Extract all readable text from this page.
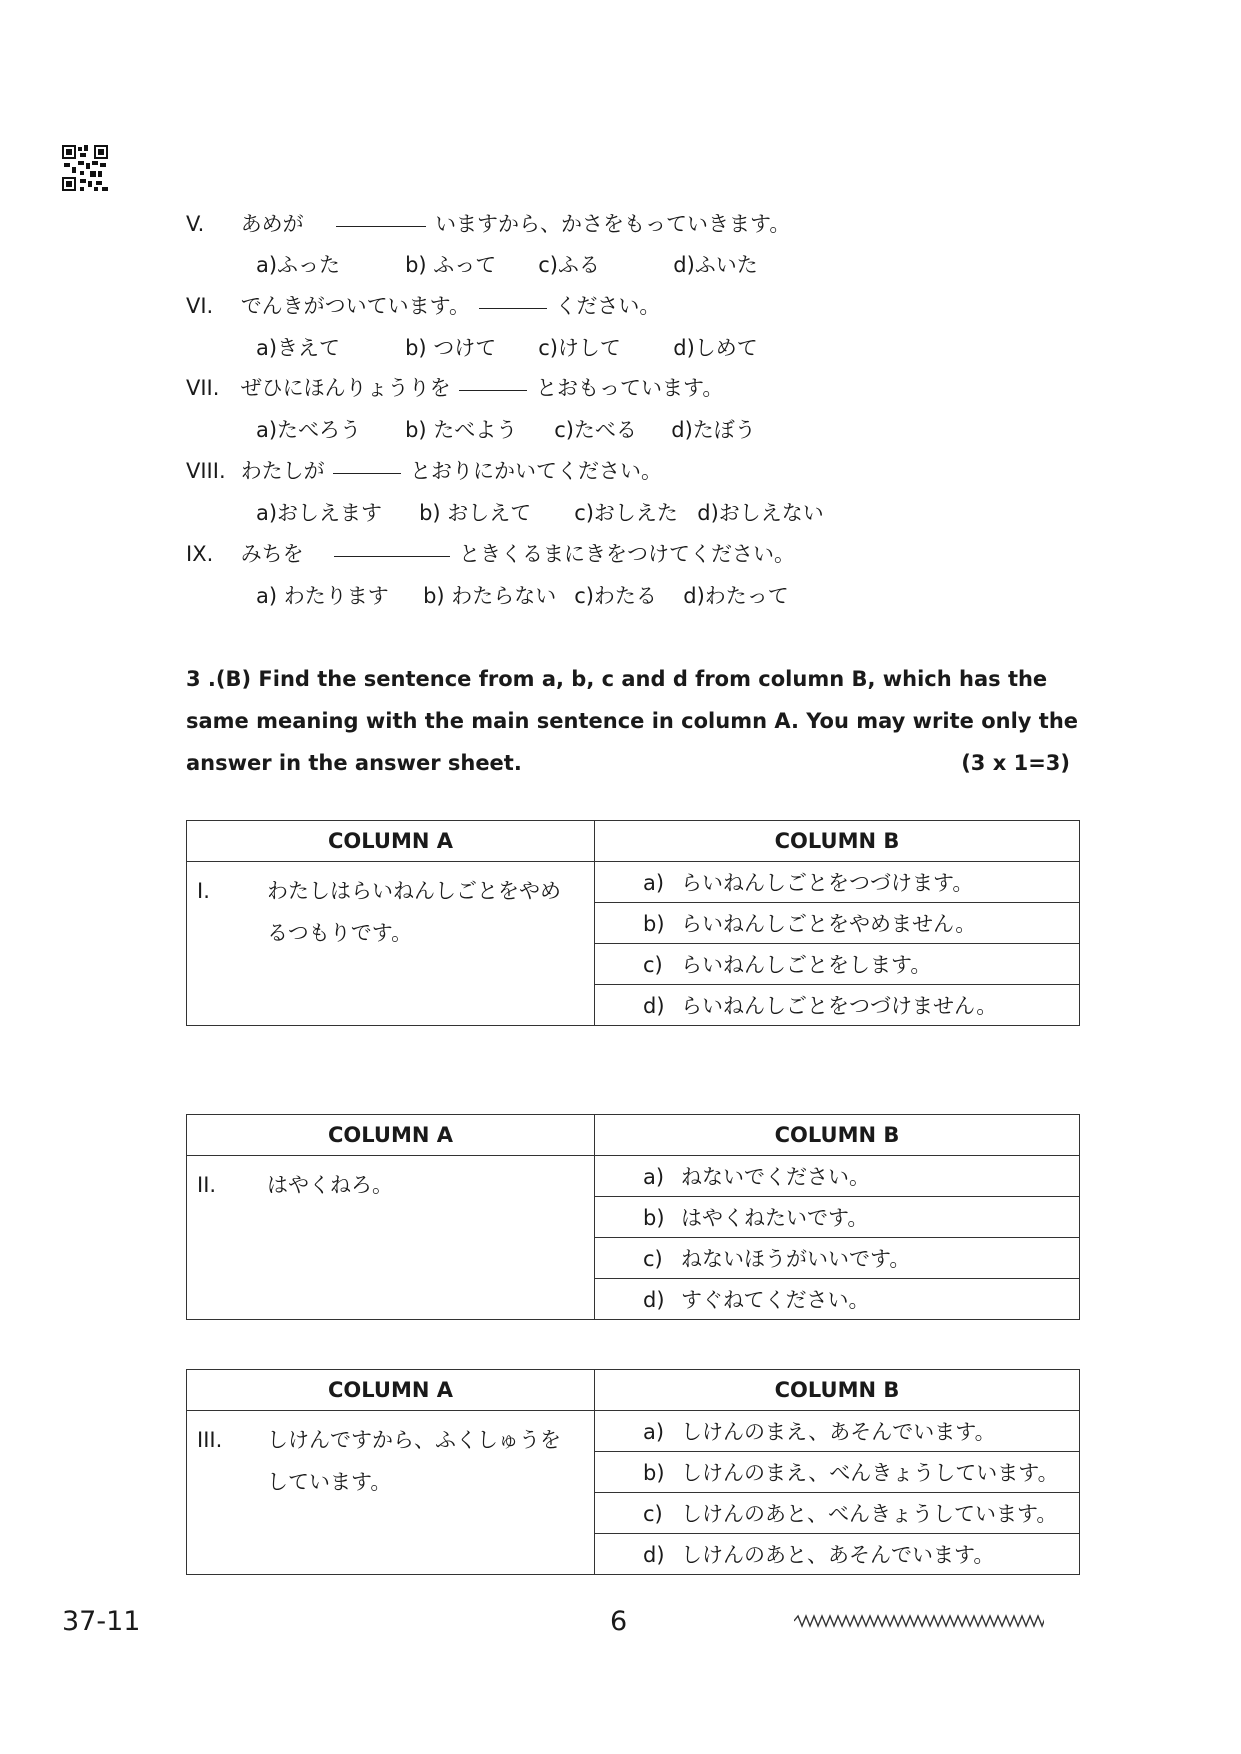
V. あめが	いますから、かさをもっていきます。
a)ふった	b) ふって c)ふる	d)ふいた
VI. でんきがついています。	ください。
a)きえて	b) つけて c)けして d)しめて
VII. ぜひにほんりょうりを	とおもっています。
a)たべろう b) たべよう c)たべる d)たぼう
VIII. わたしが	とおりにかいてください。
a)おしえます b) おしえて c)おしえた d)おしえない
IX. みちを	ときくるまにきをつけてください。
a) わたります b) わたらない c)わたる d)わたって
3 .(B) Find the sentence from a, b, c and d from column B, which has the same meaning with the main sentence in column A. You may write only the answer in the answer sheet.	(3 x 1=3)
COLUMN A	COLUMN B
I. わたしはらいねんしごとをやめるつもりです。	a) らいねんしごとをつづけます。
	b) らいねんしごとをやめません。
	c) らいねんしごとをします。
	d) らいねんしごとをつづけません。
COLUMN A	COLUMN B
II. はやくねろ。	a) ねないでください。
	b) はやくねたいです。
	c) ねないほうがいいです。
	d) すぐねてください。
COLUMN A	COLUMN B
III. しけんですから、ふくしゅうをしています。	a) しけんのまえ、あそんでいます。
	b) しけんのまえ、べんきょうしています。
	c) しけんのあと、べんきょうしています。
	d) しけんのあと、あそんでいます。
37-11	6
